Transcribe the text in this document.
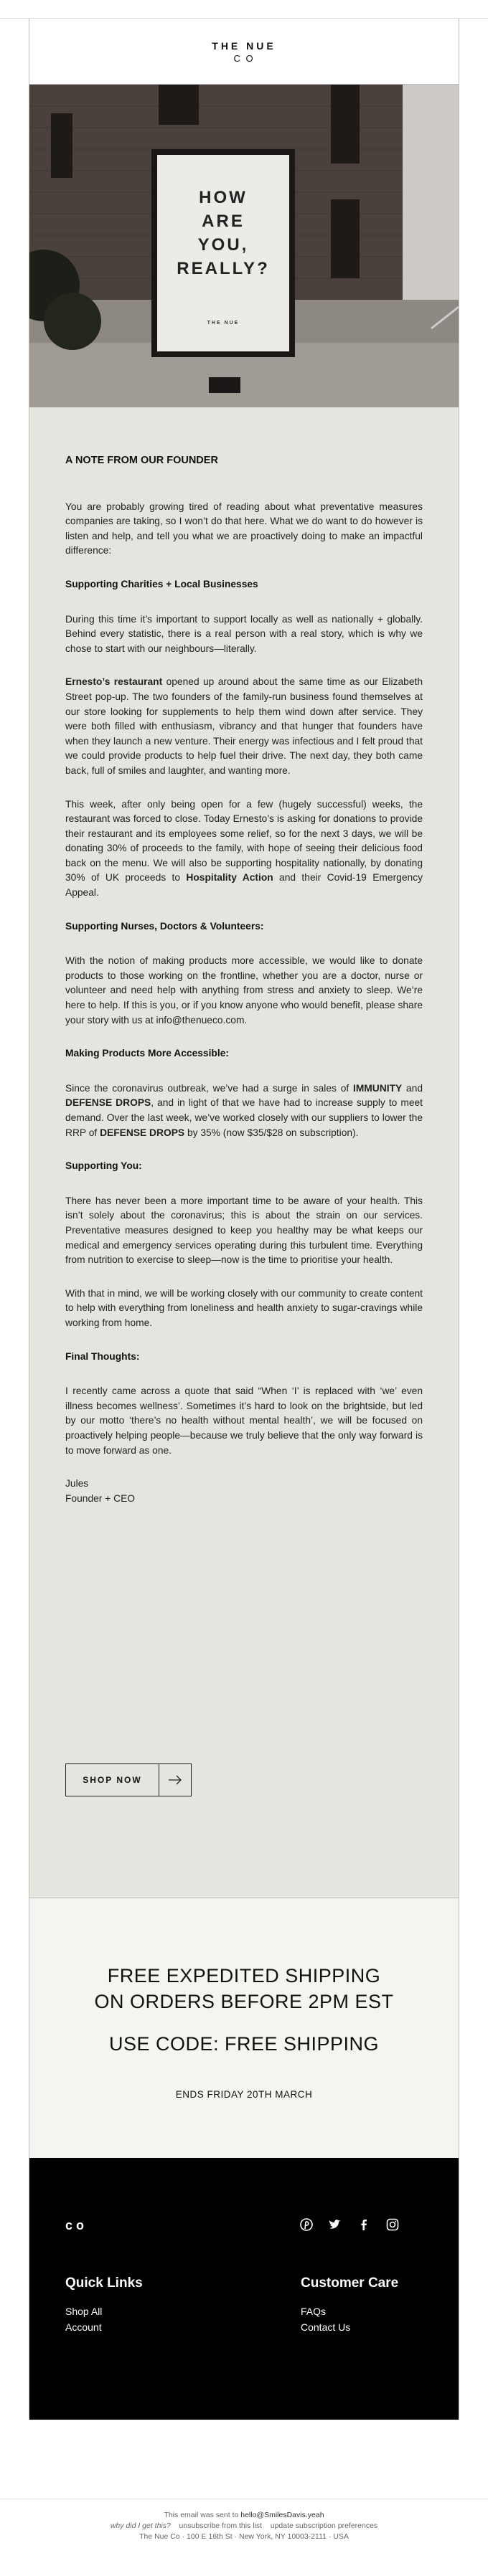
THE NUE
C O
HOW
ARE
YOU,
REALLY?
THE NUE
A NOTE FROM OUR FOUNDER

You are probably growing tired of reading about what preventative measures companies are taking, so I won’t do that here. What we do want to do however is listen and help, and tell you what we are proactively doing to make an impactful difference:

Supporting Charities + Local Businesses

During this time it’s important to support locally as well as nationally + globally. Behind every statistic, there is a real person with a real story, which is why we chose to start with our neighbours—literally.

Ernesto’s restaurant opened up around about the same time as our Elizabeth Street pop-up. The two founders of the family-run business found themselves at our store looking for supplements to help them wind down after service. They were both filled with enthusiasm, vibrancy and that hunger that founders have when they launch a new venture. Their energy was infectious and I felt proud that we could provide products to help fuel their drive. The next day, they both came back, full of smiles and laughter, and wanting more.

This week, after only being open for a few (hugely successful) weeks, the restaurant was forced to close. Today Ernesto’s is asking for donations to provide their restaurant and its employees some relief, so for the next 3 days, we will be donating 30% of proceeds to the family, with hope of seeing their delicious food back on the menu. We will also be supporting hospitality nationally, by donating 30% of UK proceeds to Hospitality Action and their Covid-19 Emergency Appeal.

Supporting Nurses, Doctors & Volunteers:

With the notion of making products more accessible, we would like to donate products to those working on the frontline, whether you are a doctor, nurse or volunteer and need help with anything from stress and anxiety to sleep. We’re here to help. If this is you, or if you know anyone who would benefit, please share your story with us at info@thenueco.com.

Making Products More Accessible:

Since the coronavirus outbreak, we’ve had a surge in sales of IMMUNITY and DEFENSE DROPS, and in light of that we have had to increase supply to meet demand. Over the last week, we’ve worked closely with our suppliers to lower the RRP of DEFENSE DROPS by 35% (now $35/$28 on subscription).

Supporting You:

There has never been a more important time to be aware of your health. This isn’t solely about the coronavirus; this is about the strain on our services. Preventative measures designed to keep you healthy may be what keeps our medical and emergency services operating during this turbulent time. Everything from nutrition to exercise to sleep—now is the time to prioritise your health.

With that in mind, we will be working closely with our community to create content to help with everything from loneliness and health anxiety to sugar-cravings while working from home.

Final Thoughts:

I recently came across a quote that said “When ‘I’ is replaced with ‘we’ even illness becomes wellness’. Sometimes it’s hard to look on the brightside, but led by our motto ‘there’s no health without mental health’, we will be focused on proactively helping people—because we truly believe that the only way forward is to move forward as one.

Jules
Founder + CEO
SHOP NOW
FREE EXPEDITED SHIPPING
ON ORDERS BEFORE 2PM EST
USE CODE: FREE SHIPPING
ENDS FRIDAY 20TH MARCH
c o
Quick Links
Shop All
Account
Customer Care
FAQs
Contact Us
This email was sent to hello@SmilesDavis.yeah
why did I get this? unsubscribe from this list update subscription preferences
The Nue Co · 100 E 16th St · New York, NY 10003-2111 · USA
